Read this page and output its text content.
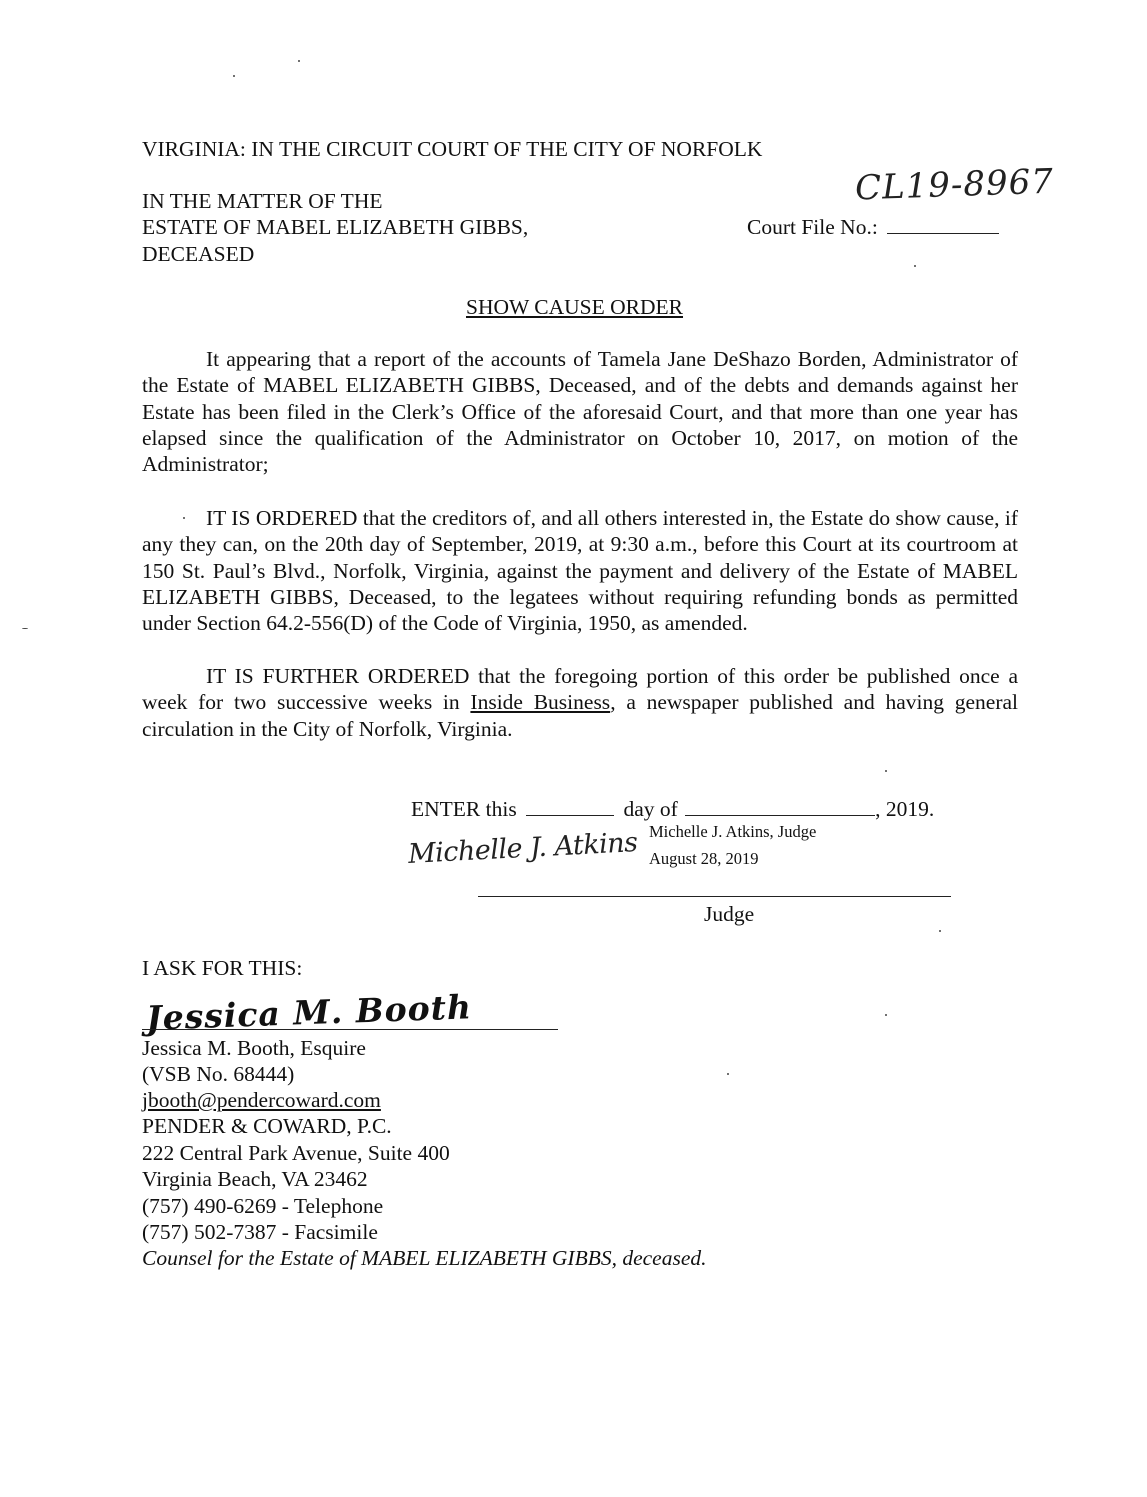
VIRGINIA: IN THE CIRCUIT COURT OF THE CITY OF NORFOLK
CL19-8967
IN THE MATTER OF THE
ESTATE OF MABEL ELIZABETH GIBBS,
DECEASED
Court File No.:
SHOW CAUSE ORDER
It appearing that a report of the accounts of Tamela Jane DeShazo Borden, Administrator of the Estate of MABEL ELIZABETH GIBBS, Deceased, and of the debts and demands against her Estate has been filed in the Clerk’s Office of the aforesaid Court, and that more than one year has elapsed since the qualification of the Administrator on October 10, 2017, on motion of the Administrator;
IT IS ORDERED that the creditors of, and all others interested in, the Estate do show cause, if any they can, on the 20th day of September, 2019, at 9:30 a.m., before this Court at its courtroom at 150 St. Paul’s Blvd., Norfolk, Virginia, against the payment and delivery of the Estate of MABEL ELIZABETH GIBBS, Deceased, to the legatees without requiring refunding bonds as permitted under Section 64.2-556(D) of the Code of Virginia, 1950, as amended.
IT IS FURTHER ORDERED that the foregoing portion of this order be published once a week for two successive weeks in Inside Business, a newspaper published and having general circulation in the City of Norfolk, Virginia.
ENTER this	day of	, 2019.
Michelle J. Atkins Michelle J. Atkins, Judge
August 28, 2019
Judge
I ASK FOR THIS:
Jessica M. Booth
Jessica M. Booth, Esquire
(VSB No. 68444)
jbooth@pendercoward.com
PENDER & COWARD, P.C.
222 Central Park Avenue, Suite 400
Virginia Beach, VA 23462
(757) 490-6269 - Telephone
(757) 502-7387 - Facsimile
Counsel for the Estate of MABEL ELIZABETH GIBBS, deceased.
